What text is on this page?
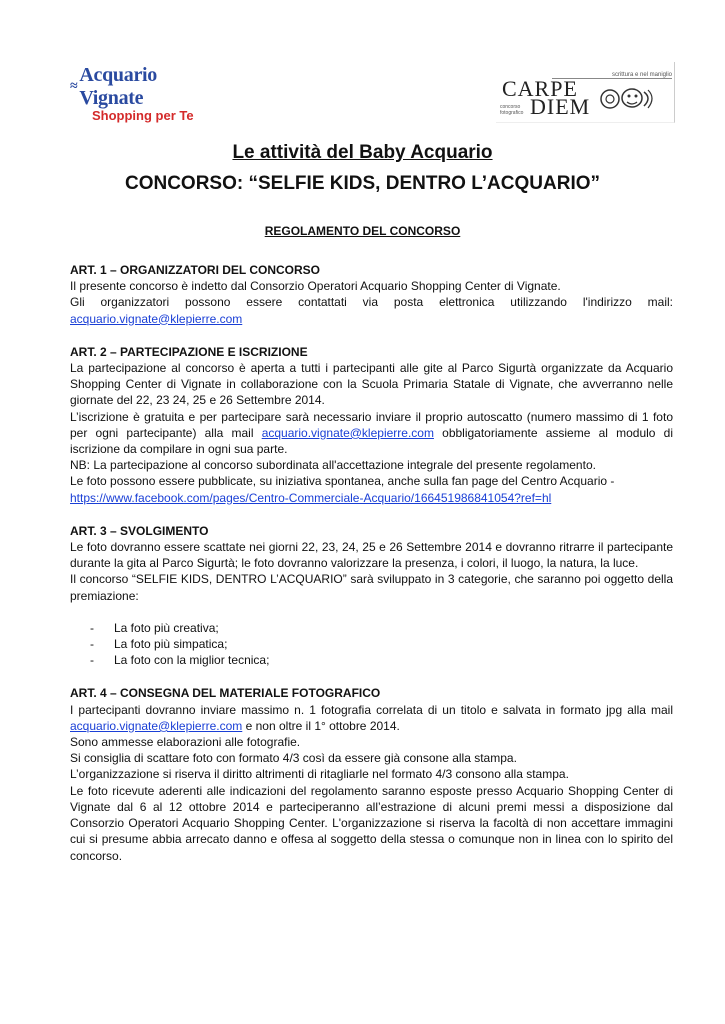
≈
Acquario Vignate
Shopping per Te
scrittura e nel maniglio
CARPE
DIEM
concorso
fotografico
Le attività del Baby Acquario
CONCORSO: “SELFIE KIDS, DENTRO L’ACQUARIO”
REGOLAMENTO DEL CONCORSO
ART. 1 – ORGANIZZATORI DEL CONCORSO

Il presente concorso è indetto dal Consorzio Operatori Acquario Shopping Center di Vignate.

Gli organizzatori possono essere contattati via posta elettronica utilizzando l'indirizzo mail:

acquario.vignate@klepierre.com

ART. 2 – PARTECIPAZIONE E ISCRIZIONE

La partecipazione al concorso è aperta a tutti i partecipanti alle gite al Parco Sigurtà organizzate da Acquario Shopping Center di Vignate in collaborazione con la Scuola Primaria Statale di Vignate, che avverranno nelle giornate del 22, 23 24, 25 e 26 Settembre 2014.

L’iscrizione è gratuita e per partecipare sarà necessario inviare il proprio autoscatto (numero massimo di 1 foto per ogni partecipante) alla mail acquario.vignate@klepierre.com obbligatoriamente assieme al modulo di iscrizione da compilare in ogni sua parte.

NB: La partecipazione al concorso subordinata all'accettazione integrale del presente regolamento.

Le foto possono essere pubblicate, su iniziativa spontanea, anche sulla fan page del Centro Acquario -

https://www.facebook.com/pages/Centro-Commerciale-Acquario/166451986841054?ref=hl

ART. 3 – SVOLGIMENTO

Le foto dovranno essere scattate nei giorni 22, 23, 24, 25 e 26 Settembre 2014 e dovranno ritrarre il partecipante durante la gita al Parco Sigurtà; le foto dovranno valorizzare la presenza, i colori, il luogo, la natura, la luce.

Il concorso “SELFIE KIDS, DENTRO L’ACQUARIO” sarà sviluppato in 3 categorie, che saranno poi oggetto della premiazione:

- La foto più creativa;
- La foto più simpatica;
- La foto con la miglior tecnica;
ART. 4 – CONSEGNA DEL MATERIALE FOTOGRAFICO

I partecipanti dovranno inviare massimo n. 1 fotografia correlata di un titolo e salvata in formato jpg alla mail acquario.vignate@klepierre.com e non oltre il 1° ottobre 2014.

Sono ammesse elaborazioni alle fotografie.

Si consiglia di scattare foto con formato 4/3 così da essere già consone alla stampa.

L’organizzazione si riserva il diritto altrimenti di ritagliarle nel formato 4/3 consono alla stampa.

Le foto ricevute aderenti alle indicazioni del regolamento saranno esposte presso Acquario Shopping Center di Vignate dal 6 al 12 ottobre 2014 e parteciperanno all’estrazione di alcuni premi messi a disposizione dal Consorzio Operatori Acquario Shopping Center. L'organizzazione si riserva la facoltà di non accettare immagini cui si presume abbia arrecato danno e offesa al soggetto della stessa o comunque non in linea con lo spirito del concorso.
